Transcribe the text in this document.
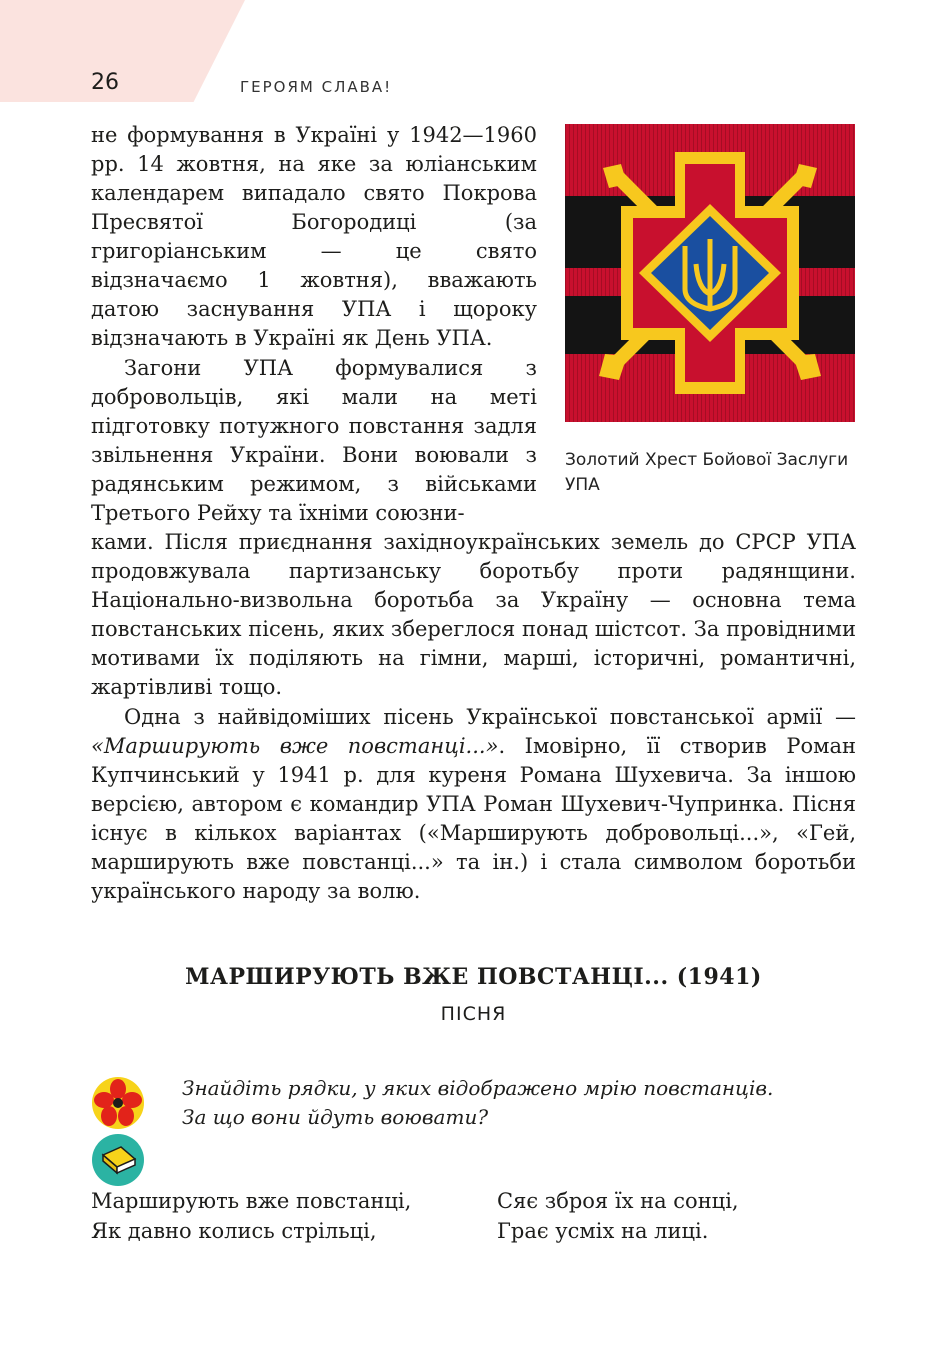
26	ГЕРОЯМ СЛАВА!
не формування в Україні у 1942—1960 рр. 14 жовтня, на яке за юліанським календарем випадало свято Покрова Пресвятої Богородиці (за григоріанським — це свято відзначаємо 1 жовтня), вважають датою заснування УПА і щороку відзначають в Україні як День УПА.
Загони УПА формувалися з добровольців, які мали на меті підготовку потужного повстання задля звільнення України. Вони воювали з радянським режимом, з військами Третього Рейху та їхніми союзни-
ками. Після приєднання західноукраїнських земель до СРСР УПА продовжувала партизанську боротьбу проти радянщини. Національно-визвольна боротьба за Україну — основна тема повстанських пісень, яких збереглося понад шістсот. За провідними мотивами їх поділяють на гімни, марші, історичні, романтичні, жартівливі тощо.
Одна з найвідоміших пісень Української повстанської армії — «Марширують вже повстанці...». Імовірно, її створив Роман Купчинський у 1941 р. для куреня Романа Шухевича. За іншою версією, автором є командир УПА Роман Шухевич-Чупринка. Пісня існує в кількох варіантах («Марширують добровольці...», «Гей, марширують вже повстанці...» та ін.) і стала символом боротьби українського народу за волю.
Золотий Хрест Бойової Заслуги УПА
МАРШИРУЮТЬ ВЖЕ ПОВСТАНЦІ... (1941)
ПІСНЯ
Знайдіть рядки, у яких відображено мрію повстанців.
За що вони йдуть воювати?
Марширують вже повстанці,
Як давно колись стрільці,
Сяє зброя їх на сонці,
Грає усміх на лиці.
